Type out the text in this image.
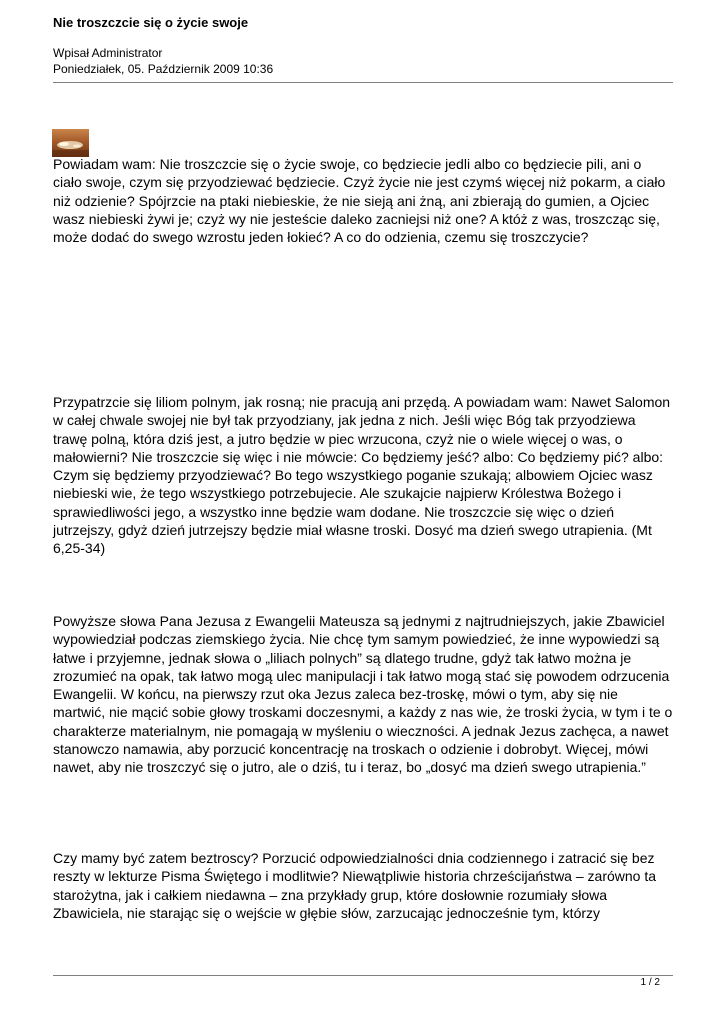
Nie troszczcie się o życie swoje
Wpisał Administrator
Poniedziałek, 05. Październik 2009 10:36

Powiadam wam: Nie troszczcie się o życie swoje, co będziecie jedli albo co będziecie pili, ani o ciało swoje, czym się przyodziewać będziecie. Czyż życie nie jest czymś więcej niż pokarm, a ciało niż odzienie? Spójrzcie na ptaki niebieskie, że nie sieją ani żną, ani zbierają do gumien, a Ojciec wasz niebieski żywi je; czyż wy nie jesteście daleko zacniejsi niż one? A któż z was, troszcząc się, może dodać do swego wzrostu jeden łokieć? A co do odzienia, czemu się troszczycie?

Przypatrzcie się liliom polnym, jak rosną; nie pracują ani przędą. A powiadam wam: Nawet Salomon w całej chwale swojej nie był tak przyodziany, jak jedna z nich. Jeśli więc Bóg tak przyodziewa trawę polną, która dziś jest, a jutro będzie w piec wrzucona, czyż nie o wiele więcej o was, o małowierni? Nie troszczcie się więc i nie mówcie: Co będziemy jeść? albo: Co będziemy pić? albo: Czym się będziemy przyodziewać? Bo tego wszystkiego poganie szukają; albowiem Ojciec wasz niebieski wie, że tego wszystkiego potrzebujecie. Ale szukajcie najpierw Królestwa Bożego i sprawiedliwości jego, a wszystko inne będzie wam dodane. Nie troszczcie się więc o dzień jutrzejszy, gdyż dzień jutrzejszy będzie miał własne troski. Dosyć ma dzień swego utrapienia. (Mt 6,25-34)

Powyższe słowa Pana Jezusa z Ewangelii Mateusza są jednymi z najtrudniejszych, jakie Zbawiciel wypowiedział podczas ziemskiego życia. Nie chcę tym samym powiedzieć, że inne wypowiedzi są łatwe i przyjemne, jednak słowa o „liliach polnych” są dlatego trudne, gdyż tak łatwo można je zrozumieć na opak, tak łatwo mogą ulec manipulacji i tak łatwo mogą stać się powodem odrzucenia Ewangelii. W końcu, na pierwszy rzut oka Jezus zaleca bez-troskę, mówi o tym, aby się nie martwić, nie mącić sobie głowy troskami doczesnymi, a każdy z nas wie, że troski życia, w tym i te o charakterze materialnym, nie pomagają w myśleniu o wieczności. A jednak Jezus zachęca, a nawet stanowczo namawia, aby porzucić koncentrację na troskach o odzienie i dobrobyt. Więcej, mówi nawet, aby nie troszczyć się o jutro, ale o dziś, tu i teraz, bo „dosyć ma dzień swego utrapienia.”

Czy mamy być zatem beztroscy? Porzucić odpowiedzialności dnia codziennego i zatracić się bez reszty w lekturze Pisma Świętego i modlitwie? Niewątpliwie historia chrześcijaństwa – zarówno ta starożytna, jak i całkiem niedawna – zna przykłady grup, które dosłownie rozumiały słowa Zbawiciela, nie starając się o wejście w głębie słów, zarzucając jednocześnie tym, którzy

1 / 2
